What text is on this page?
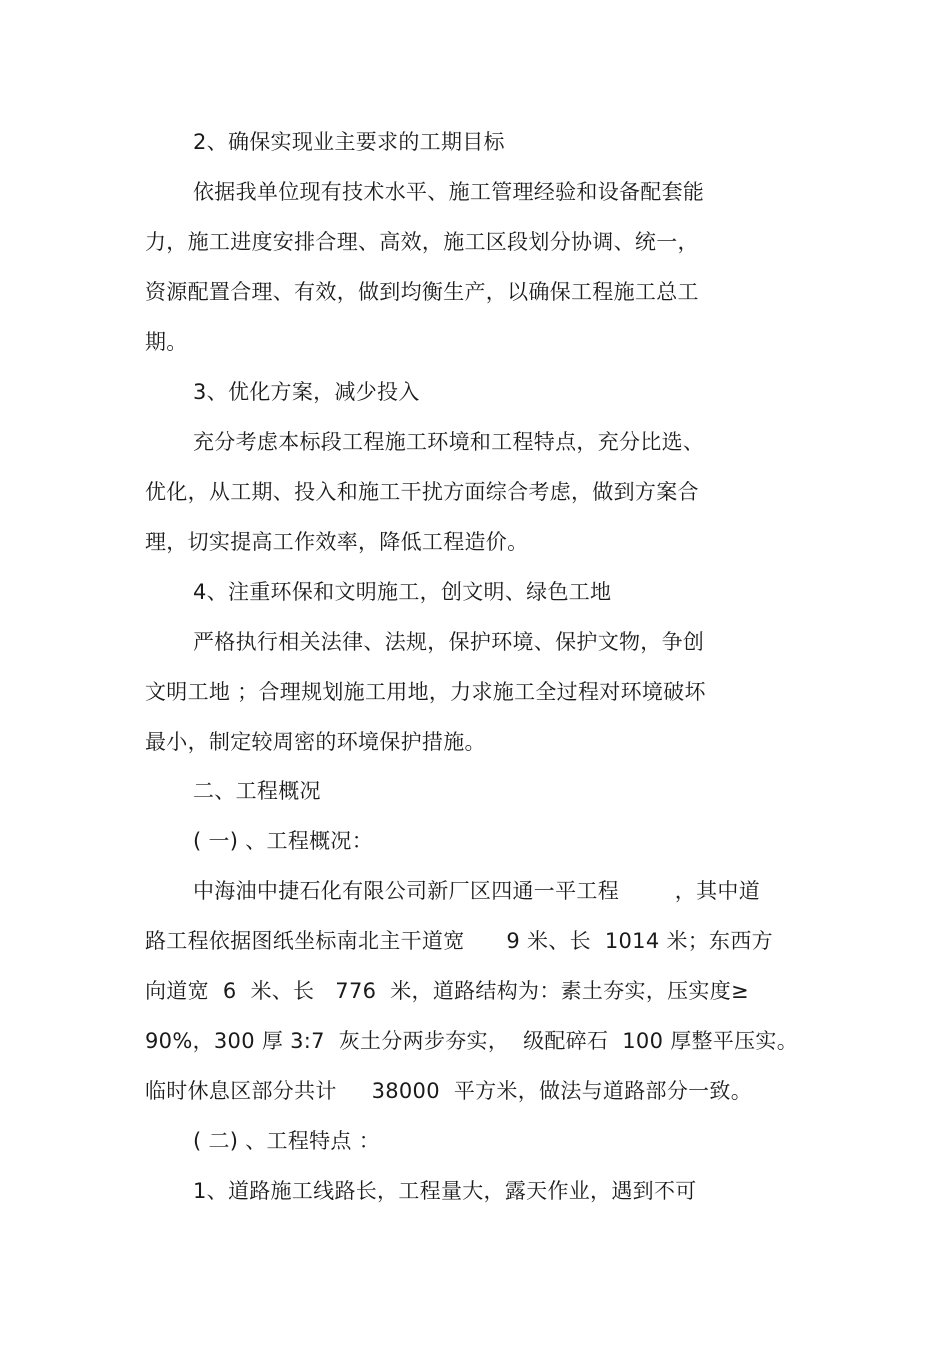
2、确保实现业主要求的工期目标
依据我单位现有技术水平、施工管理经验和设备配套能
力，施工进度安排合理、高效，施工区段划分协调、统一，
资源配置合理、有效，做到均衡生产，以确保工程施工总工
期。
3、优化方案，减少投入
充分考虑本标段工程施工环境和工程特点，充分比选、
优化，从工期、投入和施工干扰方面综合考虑，做到方案合
理，切实提高工作效率，降低工程造价。
4、注重环保和文明施工，创文明、绿色工地
严格执行相关法律、法规，保护环境、保护文物，争创
文明工地 ；合理规划施工用地，力求施工全过程对环境破坏
最小，制定较周密的环境保护措施。
二、工程概况
( 一) 、工程概况：
中海油中捷石化有限公司新厂区四通一平工程        ，其中道
路工程依据图纸坐标南北主干道宽      9 米、长  1014 米；东西方
向道宽  6  米、长   776  米，道路结构为：素土夯实，压实度≥
90%，300 厚 3:7  灰土分两步夯实，  级配碎石  100 厚整平压实。
临时休息区部分共计     38000  平方米，做法与道路部分一致。
( 二) 、工程特点 ：
1、道路施工线路长，工程量大，露天作业，遇到不可
